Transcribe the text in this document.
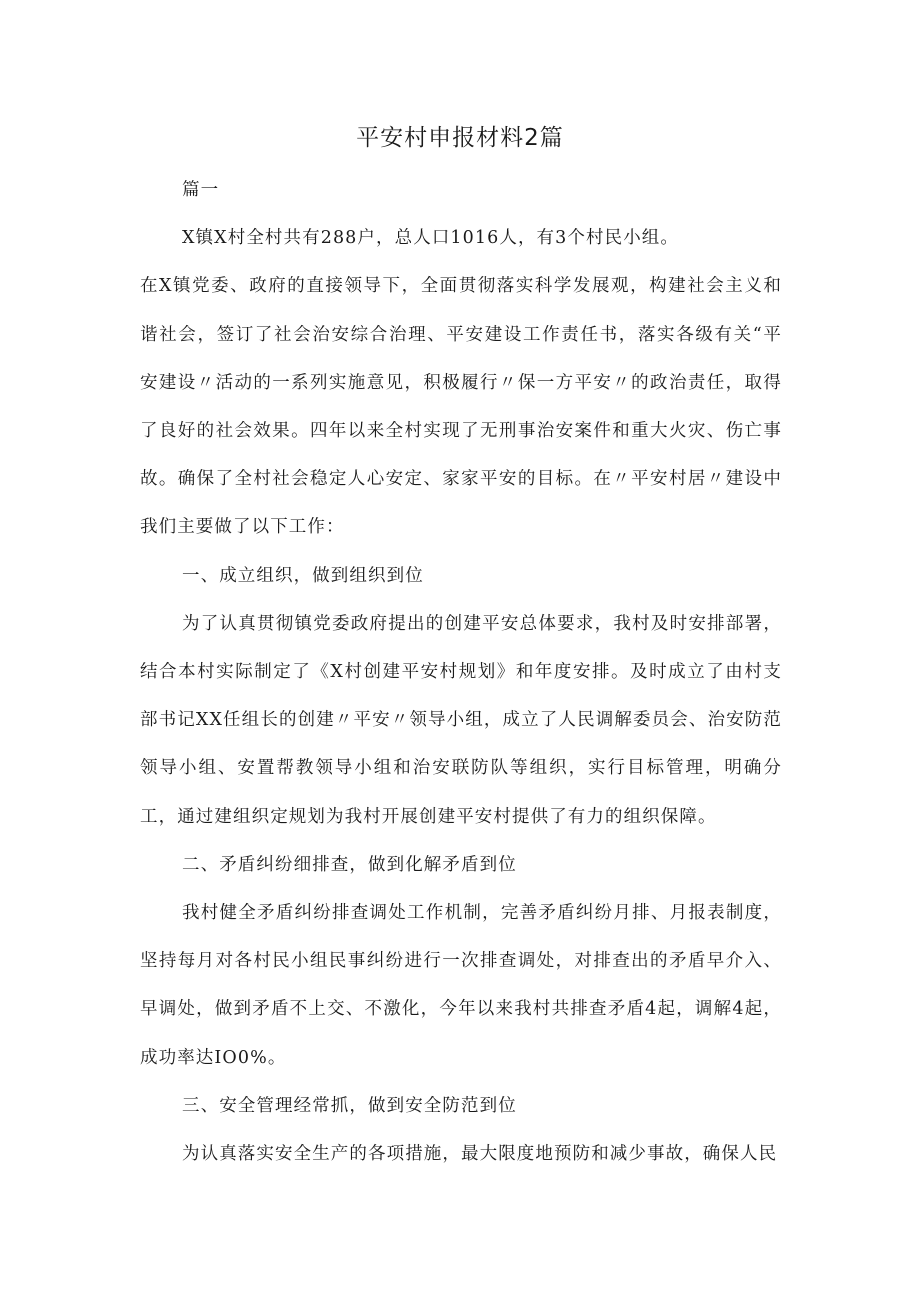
平安村申报材料2篇

篇一

X镇X村全村共有288户，总人口1016人，有3个村民小组。

在X镇党委、政府的直接领导下，全面贯彻落实科学发展观，构建社会主义和谐社会，签订了社会治安综合治理、平安建设工作责任书，落实各级有关“平安建设〃活动的一系列实施意见，积极履行〃保一方平安〃的政治责任，取得了良好的社会效果。四年以来全村实现了无刑事治安案件和重大火灾、伤亡事故。确保了全村社会稳定人心安定、家家平安的目标。在〃平安村居〃建设中我们主要做了以下工作：

一、成立组织，做到组织到位

为了认真贯彻镇党委政府提出的创建平安总体要求，我村及时安排部署，结合本村实际制定了《X村创建平安村规划》和年度安排。及时成立了由村支部书记XX任组长的创建〃平安〃领导小组，成立了人民调解委员会、治安防范领导小组、安置帮教领导小组和治安联防队等组织，实行目标管理，明确分工，通过建组织定规划为我村开展创建平安村提供了有力的组织保障。

二、矛盾纠纷细排查，做到化解矛盾到位

我村健全矛盾纠纷排查调处工作机制，完善矛盾纠纷月排、月报表制度，坚持每月对各村民小组民事纠纷进行一次排查调处，对排查出的矛盾早介入、早调处，做到矛盾不上交、不激化，今年以来我村共排查矛盾4起，调解4起，成功率达IO0%。

三、安全管理经常抓，做到安全防范到位

为认真落实安全生产的各项措施，最大限度地预防和减少事故，确保人民
